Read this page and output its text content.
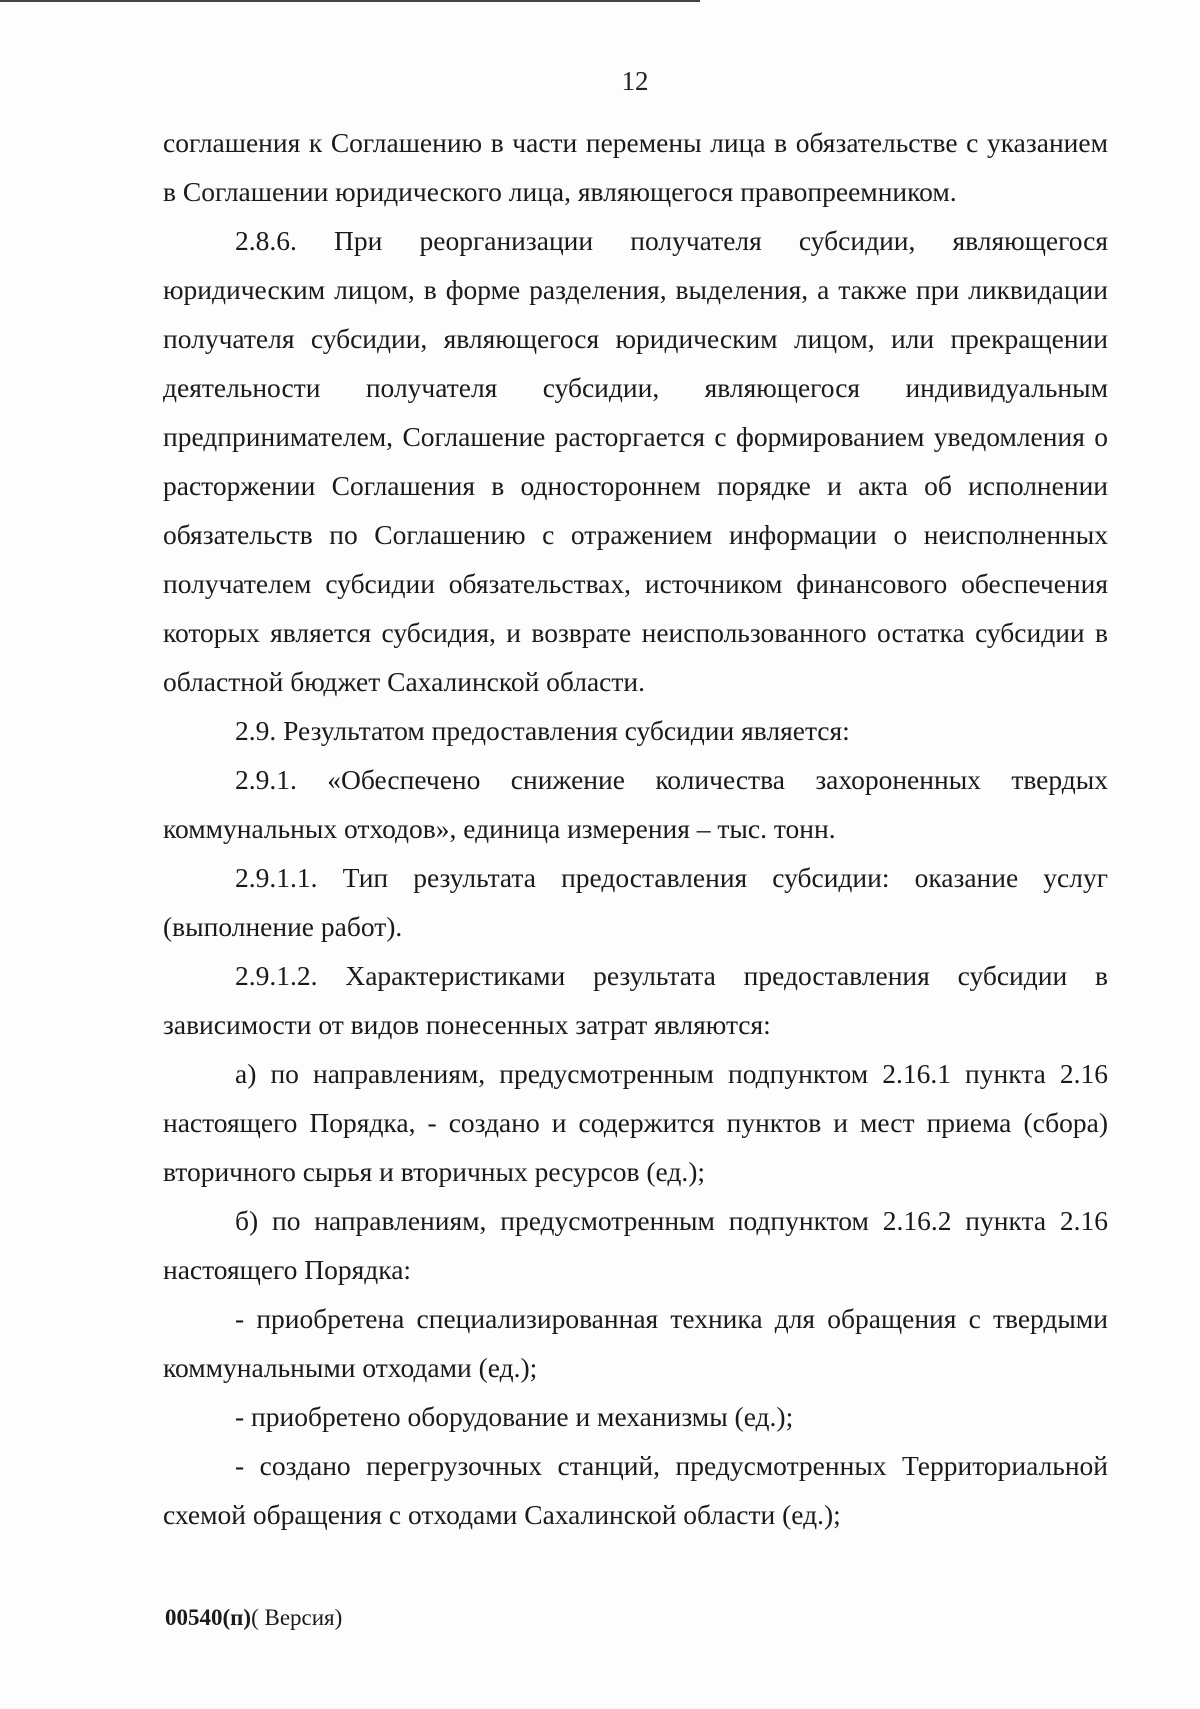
12

соглашения к Соглашению в части перемены лица в обязательстве с указанием в Соглашении юридического лица, являющегося правопреемником.

2.8.6. При реорганизации получателя субсидии, являющегося юридическим лицом, в форме разделения, выделения, а также при ликвидации получателя субсидии, являющегося юридическим лицом, или прекращении деятельности получателя субсидии, являющегося индивидуальным предпринимателем, Соглашение расторгается с формированием уведомления о расторжении Соглашения в одностороннем порядке и акта об исполнении обязательств по Соглашению с отражением информации о неисполненных получателем субсидии обязательствах, источником финансового обеспечения которых является субсидия, и возврате неиспользованного остатка субсидии в областной бюджет Сахалинской области.

2.9. Результатом предоставления субсидии является:

2.9.1. «Обеспечено снижение количества захороненных твердых коммунальных отходов», единица измерения – тыс. тонн.

2.9.1.1. Тип результата предоставления субсидии: оказание услуг (выполнение работ).

2.9.1.2. Характеристиками результата предоставления субсидии в зависимости от видов понесенных затрат являются:

а) по направлениям, предусмотренным подпунктом 2.16.1 пункта 2.16 настоящего Порядка, - создано и содержится пунктов и мест приема (сбора) вторичного сырья и вторичных ресурсов (ед.);

б) по направлениям, предусмотренным подпунктом 2.16.2 пункта 2.16 настоящего Порядка:

- приобретена специализированная техника для обращения с твердыми коммунальными отходами (ед.);

- приобретено оборудование и механизмы (ед.);

- создано перегрузочных станций, предусмотренных Территориальной схемой обращения с отходами Сахалинской области (ед.);

00540(п)( Версия)
